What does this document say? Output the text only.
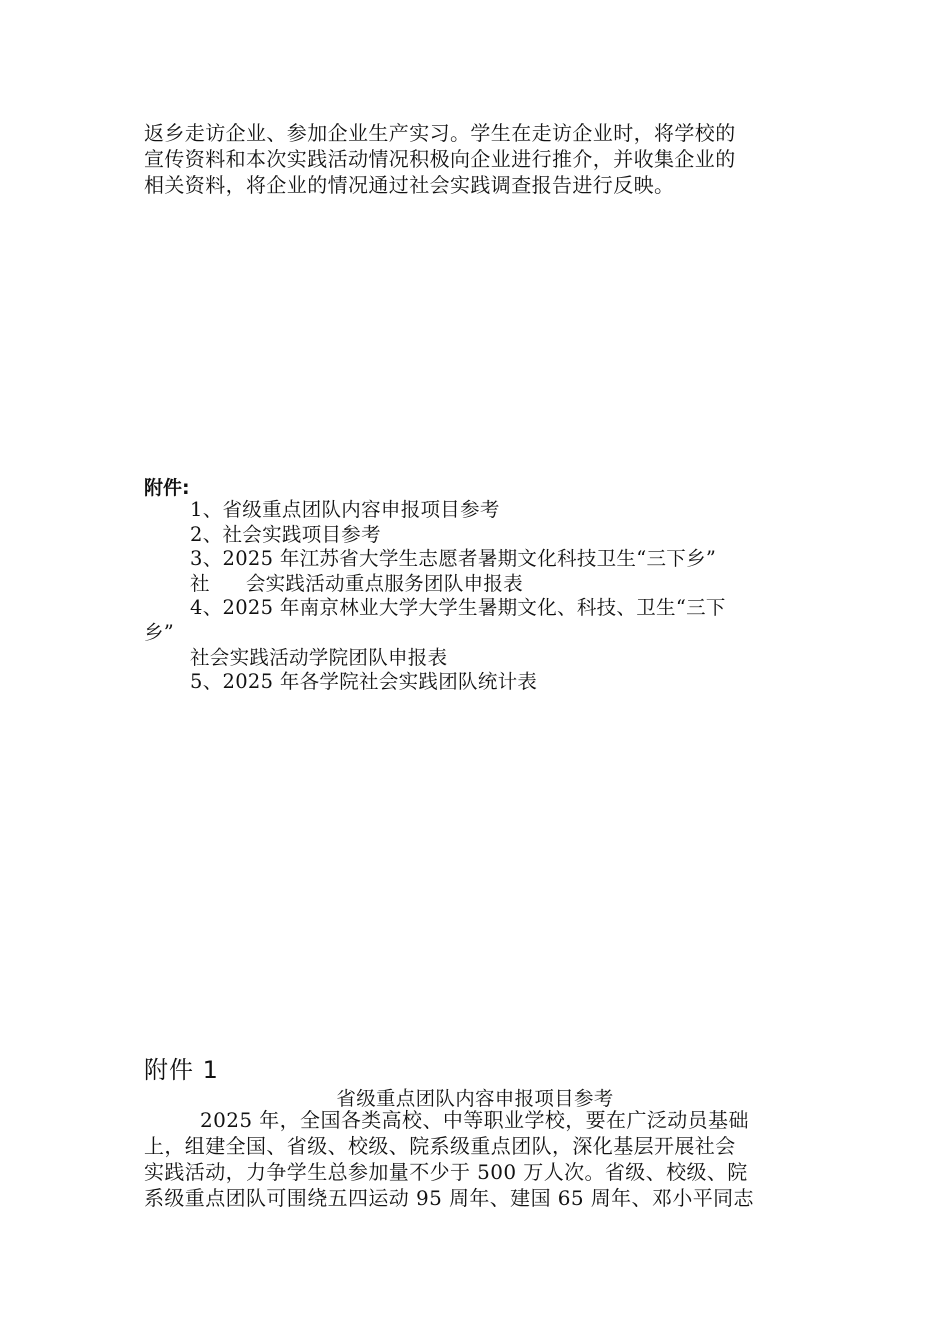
返乡走访企业、参加企业生产实习。学生在走访企业时，将学校的
宣传资料和本次实践活动情况积极向企业进行推介，并收集企业的
相关资料，将企业的情况通过社会实践调查报告进行反映。
附件:
1、省级重点团队内容申报项目参考
2、社会实践项目参考
3、2025 年江苏省大学生志愿者暑期文化科技卫生“三下乡”
社 会实践活动重点服务团队申报表
4、2025 年南京林业大学大学生暑期文化、科技、卫生“三下
乡”
社会实践活动学院团队申报表
5、2025 年各学院社会实践团队统计表
附件 1
省级重点团队内容申报项目参考
2025 年，全国各类高校、中等职业学校，要在广泛动员基础
上，组建全国、省级、校级、院系级重点团队，深化基层开展社会
实践活动，力争学生总参加量不少于 500 万人次。省级、校级、院
系级重点团队可围绕五四运动 95 周年、建国 65 周年、邓小平同志
